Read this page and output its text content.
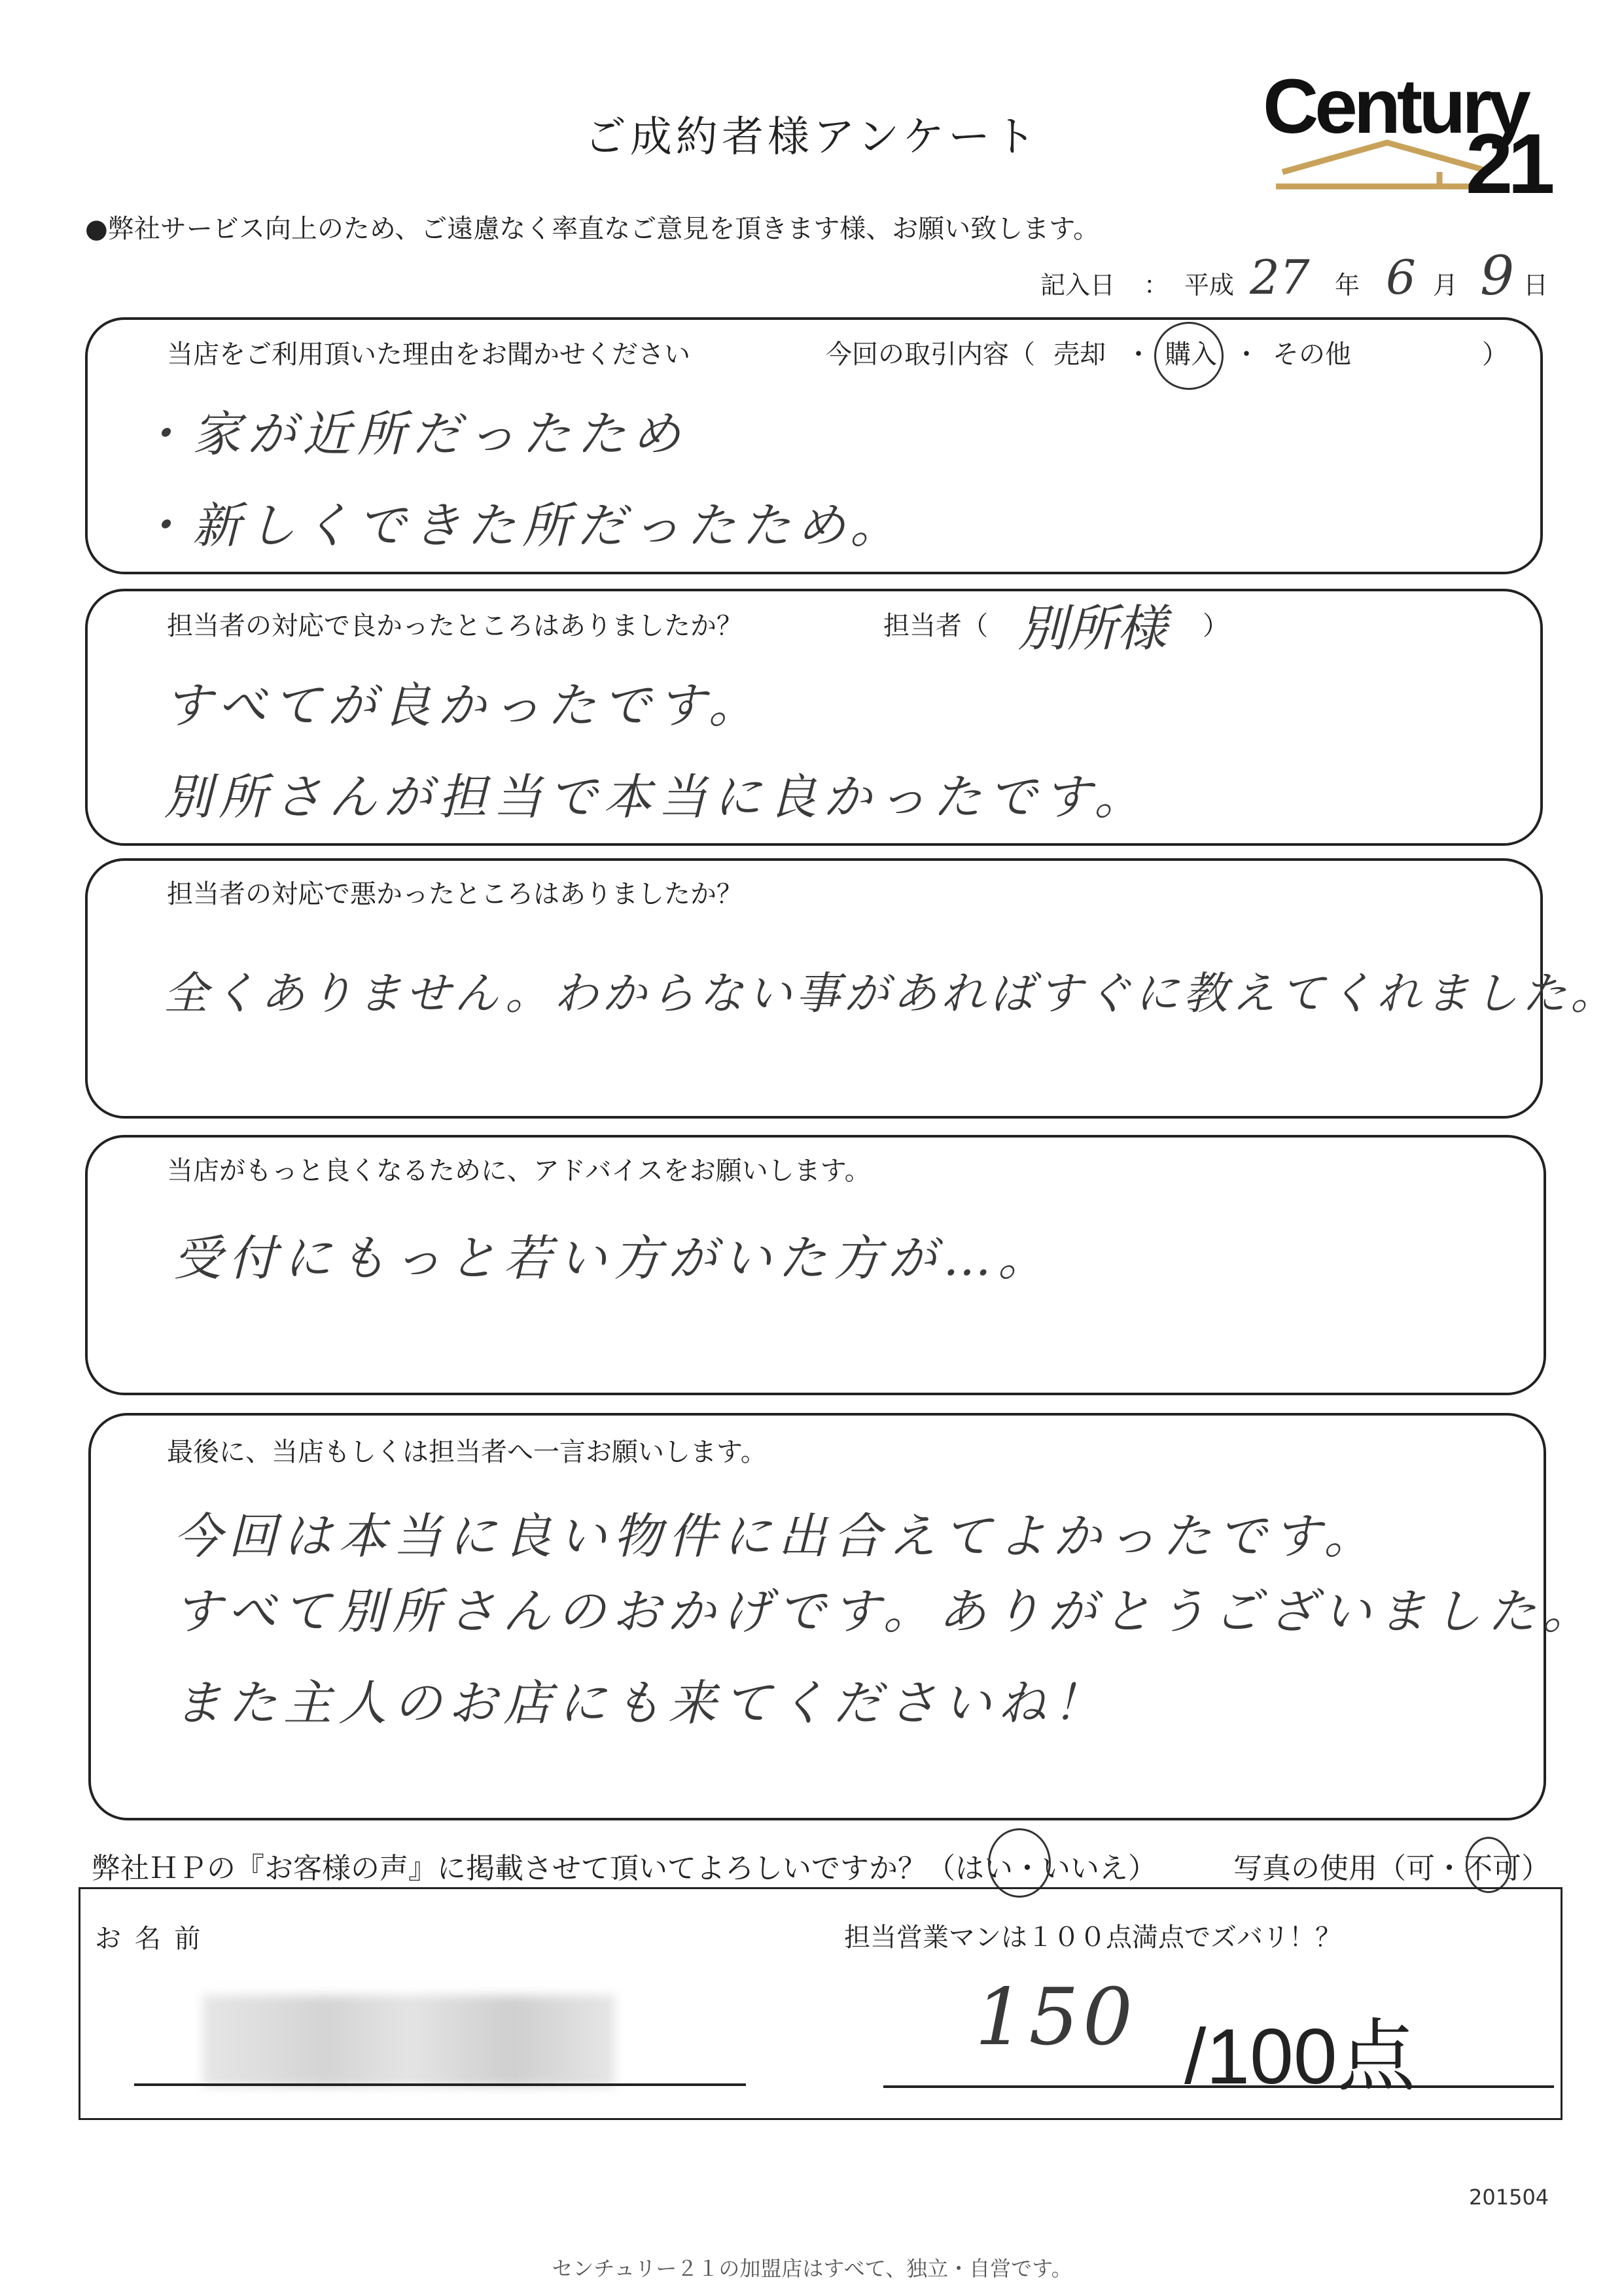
ご成約者様アンケート	Century
21
●弊社サービス向上のため、ご遠慮なく率直なご意見を頂きます様、お願い致します。
記入日 ： 平成 27 年 6 月 9 日
当店をご利用頂いた理由をお聞かせください	今回の取引内容（ 売却 ・ 購入 ・ その他	）
・家が近所だったため
・新しくできた所だったため。
担当者の対応で良かったところはありましたか？	担当者（ 別所様 ）
すべてが良かったです。
別所さんが担当で本当に良かったです。
担当者の対応で悪かったところはありましたか？
全くありません。わからない事があればすぐに教えてくれました。
当店がもっと良くなるために、アドバイスをお願いします。
受付にもっと若い方がいた方が…。
最後に、当店もしくは担当者へ一言お願いします。
今回は本当に良い物件に出合えてよかったです。
すべて別所さんのおかげです。ありがとうございました。
また主人のお店にも来てくださいね！
弊社ＨＰの『お客様の声』に掲載させて頂いてよろしいですか？（はい・いいえ）	写真の使用（可・不可）
お 名 前	担当営業マンは１００点満点でズバリ！？
150 /100点
201504
センチュリー２１の加盟店はすべて、独立・自営です。
